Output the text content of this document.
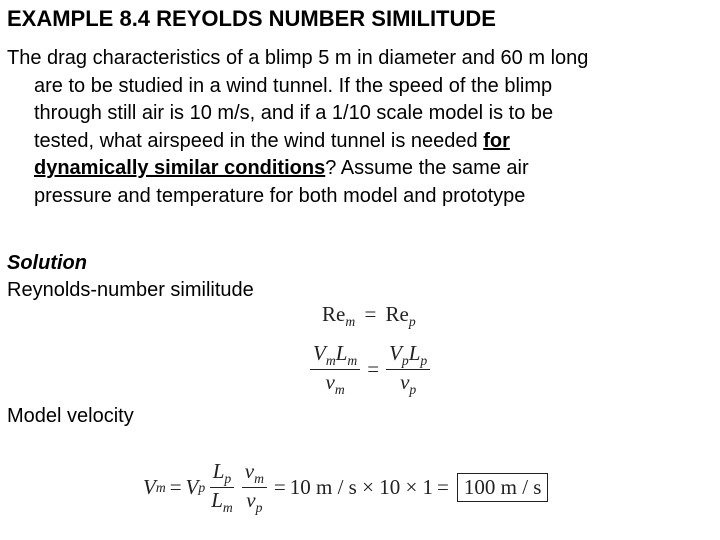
EXAMPLE 8.4 REYOLDS NUMBER SIMILITUDE
The drag characteristics of a blimp 5 m in diameter and 60 m long
are to be studied in a wind tunnel. If the speed of the blimp
through still air is 10 m/s, and if a 1/10 scale model is to be
tested, what airspeed in the wind tunnel is needed for
dynamically similar conditions? Assume the same air
pressure and temperature for both model and prototype
Solution
Reynolds-number similitude
$Re_m = Re_p$
$\frac{V_mL_m}{\nu_m} = \frac{V_pL_p}{\nu_p}$
Model velocity
V m = V p $\frac{L_p}{L_m} \frac{\nu_m}{\nu_p} = 10$ m / s × 10 × 1 = 100 m / s
